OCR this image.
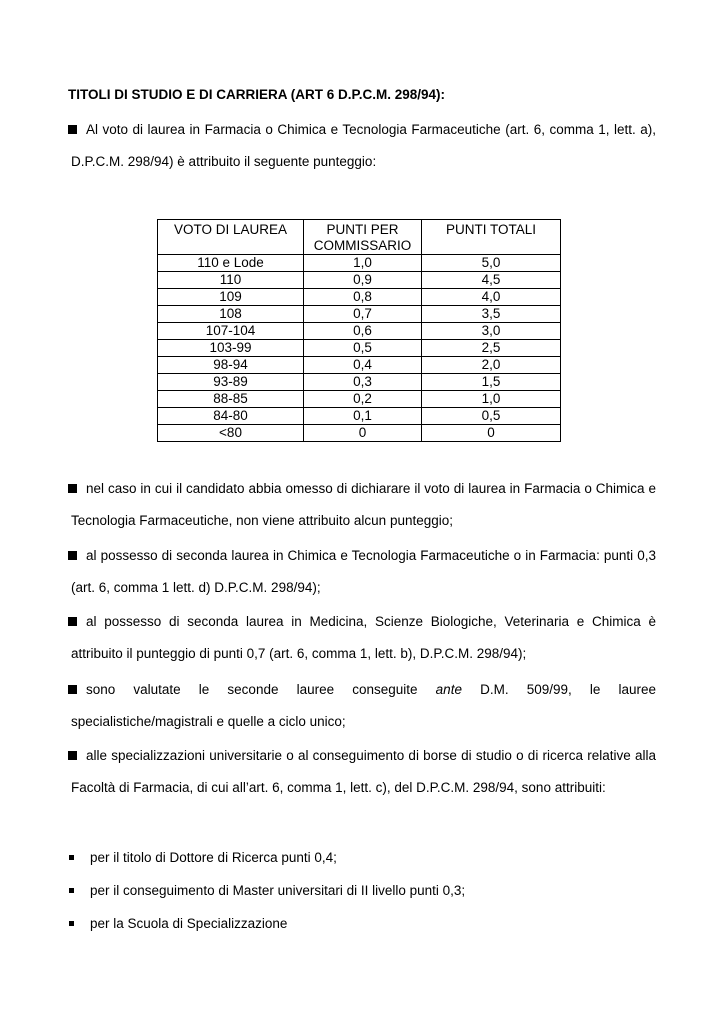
TITOLI DI STUDIO E DI CARRIERA (ART 6 D.P.C.M. 298/94):
Al voto di laurea in Farmacia o Chimica e Tecnologia Farmaceutiche (art. 6, comma 1, lett. a), D.P.C.M. 298/94) è attribuito il seguente punteggio:
VOTO DI LAUREA	PUNTI PER COMMISSARIO	PUNTI TOTALI
110 e Lode	1,0	5,0
110	0,9	4,5
109	0,8	4,0
108	0,7	3,5
107-104	0,6	3,0
103-99	0,5	2,5
98-94	0,4	2,0
93-89	0,3	1,5
88-85	0,2	1,0
84-80	0,1	0,5
<80	0	0
nel caso in cui il candidato abbia omesso di dichiarare il voto di laurea in Farmacia o Chimica e Tecnologia Farmaceutiche, non viene attribuito alcun punteggio;
al possesso di seconda laurea in Chimica e Tecnologia Farmaceutiche o in Farmacia: punti 0,3 (art. 6, comma 1 lett. d) D.P.C.M. 298/94);
al possesso di seconda laurea in Medicina, Scienze Biologiche, Veterinaria e Chimica è attribuito il punteggio di punti 0,7 (art. 6, comma 1, lett. b), D.P.C.M. 298/94);
sono valutate le seconde lauree conseguite ante D.M. 509/99, le lauree specialistiche/magistrali e quelle a ciclo unico;
alle specializzazioni universitarie o al conseguimento di borse di studio o di ricerca relative alla Facoltà di Farmacia, di cui all’art. 6, comma 1, lett. c), del D.P.C.M. 298/94, sono attribuiti:
per il titolo di Dottore di Ricerca punti 0,4;
per il conseguimento di Master universitari di II livello punti 0,3;
per la Scuola di Specializzazione
